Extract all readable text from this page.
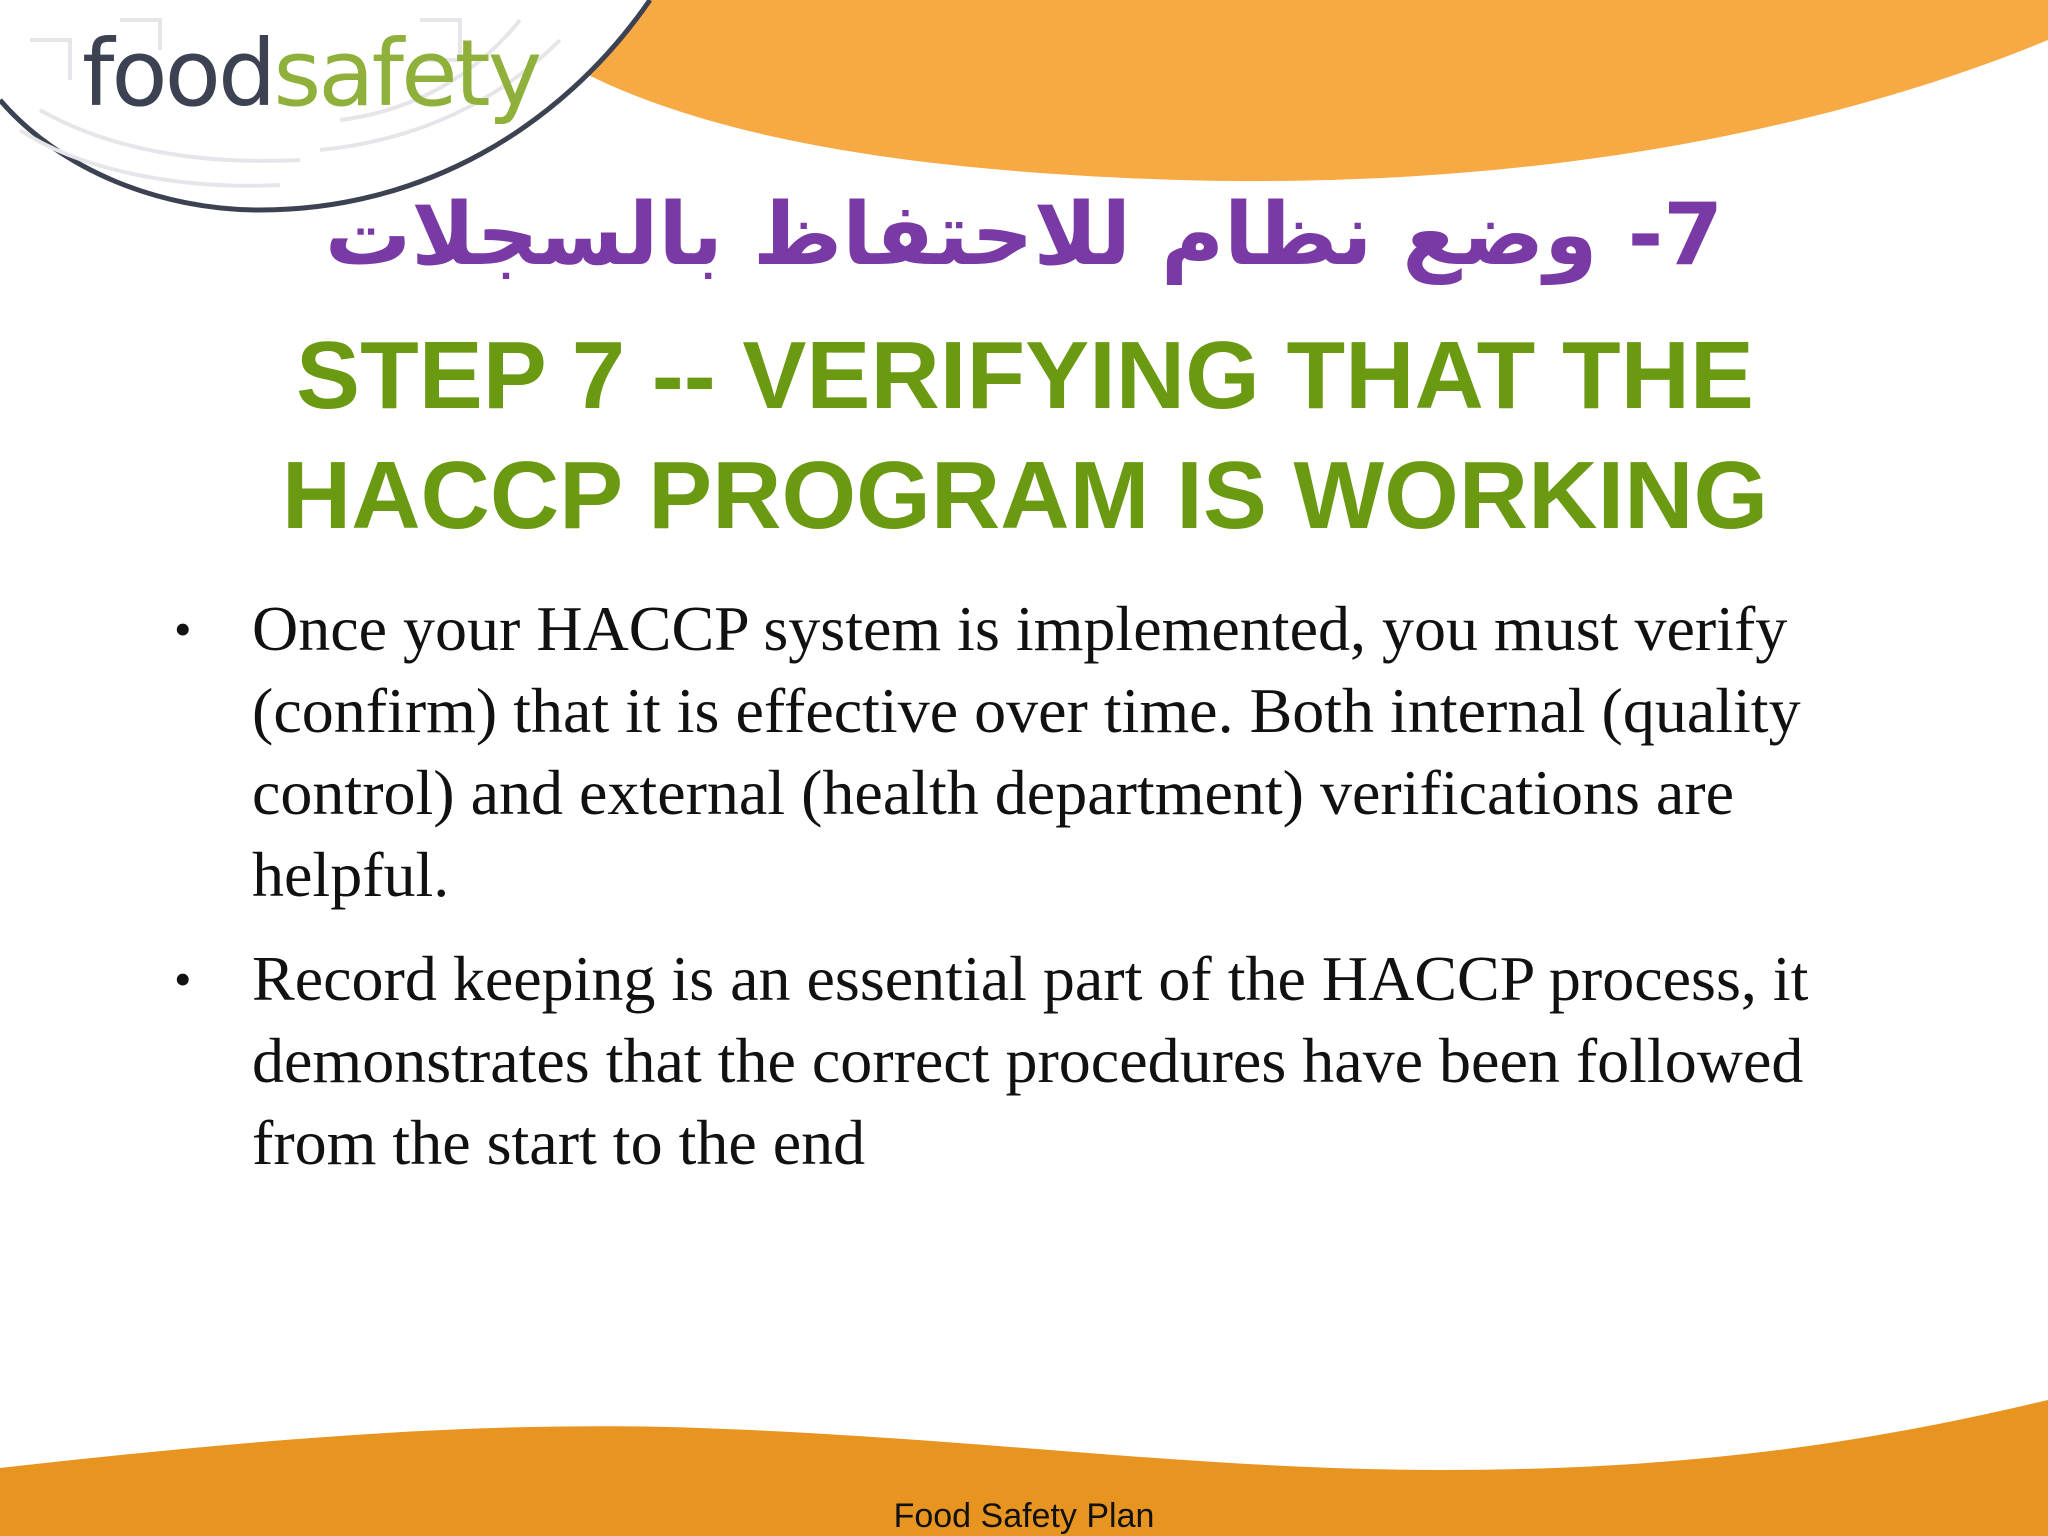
foodsafety
7- وضع نظام للاحتفاظ بالسجلات
STEP 7 -- VERIFYING THAT THE
HACCP PROGRAM IS WORKING
• Once your HACCP system is implemented, you must verify (confirm) that it is effective over time. Both internal (quality control) and external (health department) verifications are helpful.
• Record keeping is an essential part of the HACCP process, it demonstrates that the correct procedures have been followed from the start to the end
Food Safety Plan
